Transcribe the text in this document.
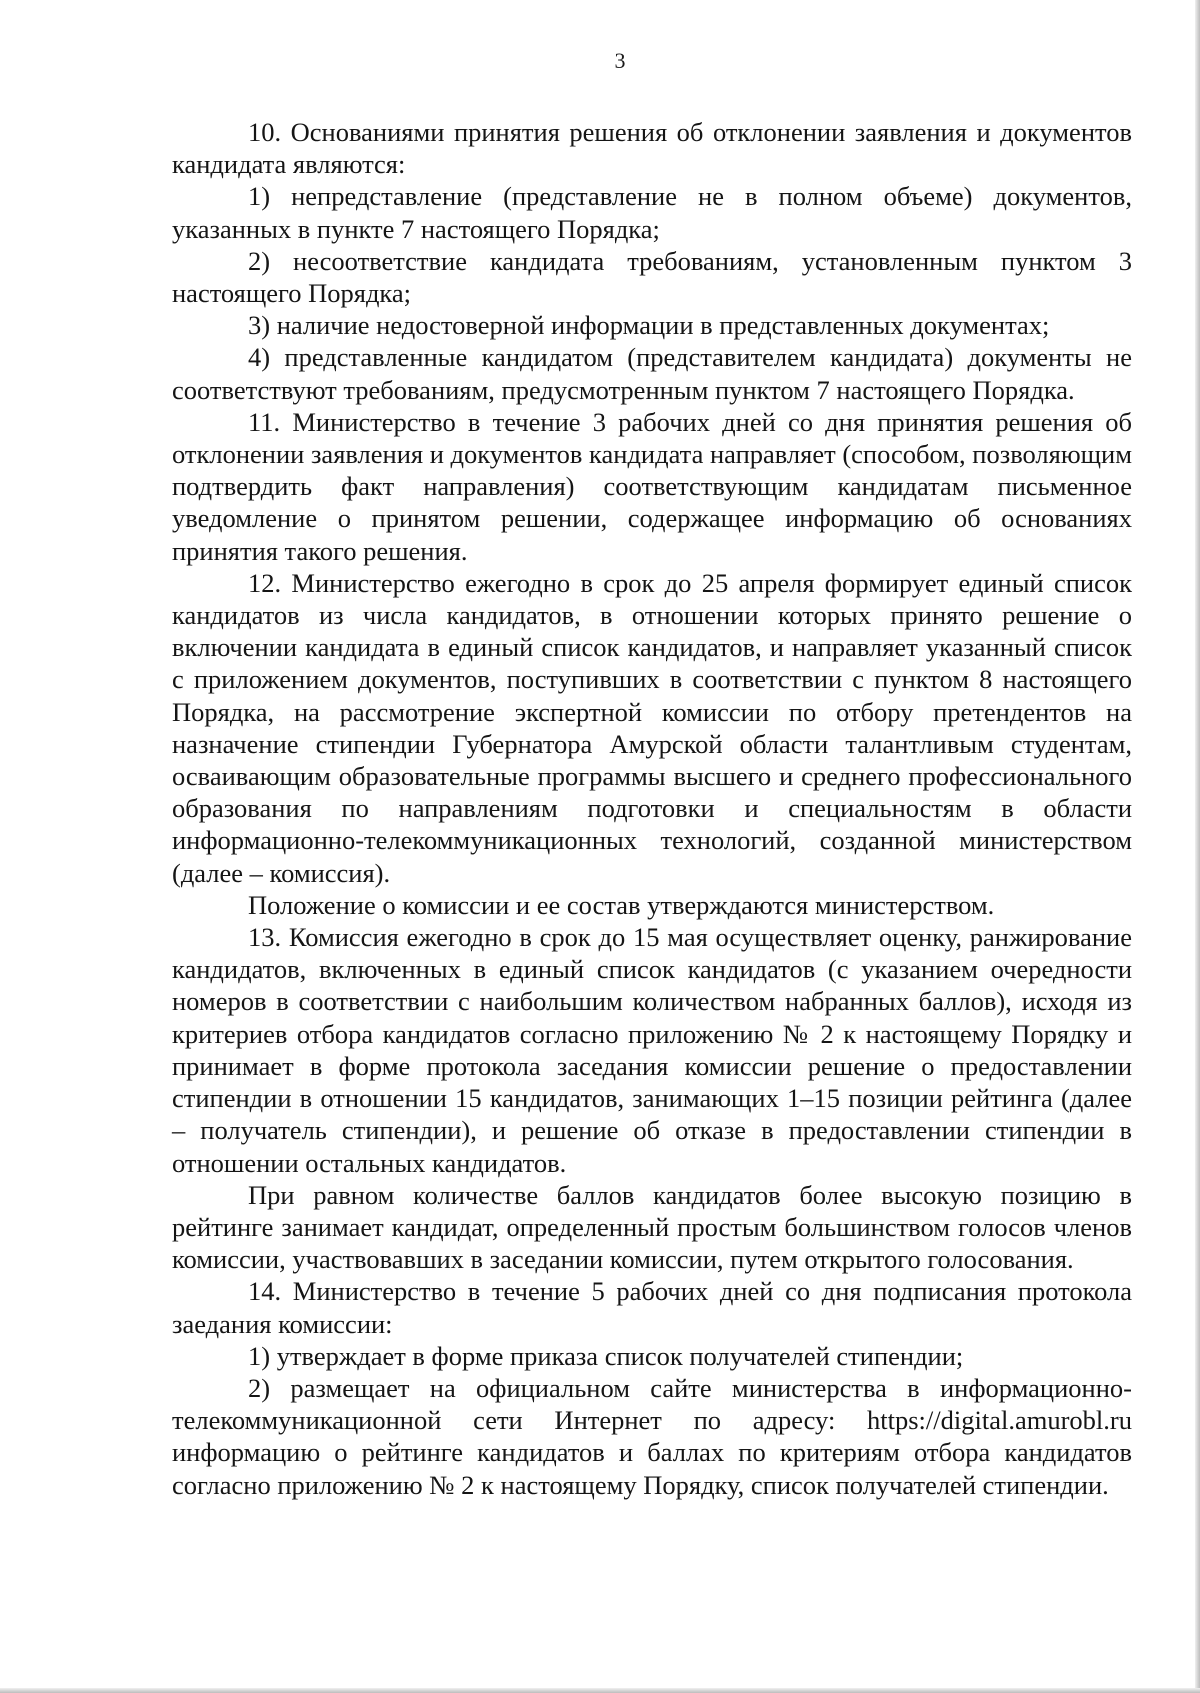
3

10. Основаниями принятия решения об отклонении заявления и документов кандидата являются:

1) непредставление (представление не в полном объеме) документов, указанных в пункте 7 настоящего Порядка;

2) несоответствие кандидата требованиям, установленным пунктом 3 настоящего Порядка;

3) наличие недостоверной информации в представленных документах;

4) представленные кандидатом (представителем кандидата) документы не соответствуют требованиям, предусмотренным пунктом 7 настоящего Порядка.

11. Министерство в течение 3 рабочих дней со дня принятия решения об отклонении заявления и документов кандидата направляет (способом, позволяющим подтвердить факт направления) соответствующим кандидатам письменное уведомление о принятом решении, содержащее информацию об основаниях принятия такого решения.

12. Министерство ежегодно в срок до 25 апреля формирует единый список кандидатов из числа кандидатов, в отношении которых принято решение о включении кандидата в единый список кандидатов, и направляет указанный список с приложением документов, поступивших в соответствии с пунктом 8 настоящего Порядка, на рассмотрение экспертной комиссии по отбору претендентов на назначение стипендии Губернатора Амурской области талантливым студентам, осваивающим образовательные программы высшего и среднего профессионального образования по направлениям подготовки и специальностям в области информационно-телекоммуникационных технологий, созданной министерством (далее – комиссия).

Положение о комиссии и ее состав утверждаются министерством.

13. Комиссия ежегодно в срок до 15 мая осуществляет оценку, ранжирование кандидатов, включенных в единый список кандидатов (с указанием очередности номеров в соответствии с наибольшим количеством набранных баллов), исходя из критериев отбора кандидатов согласно приложению № 2 к настоящему Порядку и принимает в форме протокола заседания комиссии решение о предоставлении стипендии в отношении 15 кандидатов, занимающих 1–15 позиции рейтинга (далее – получатель стипендии), и решение об отказе в предоставлении стипендии в отношении остальных кандидатов.

При равном количестве баллов кандидатов более высокую позицию в рейтинге занимает кандидат, определенный простым большинством голосов членов комиссии, участвовавших в заседании комиссии, путем открытого голосования.

14. Министерство в течение 5 рабочих дней со дня подписания протокола заедания комиссии:

1) утверждает в форме приказа список получателей стипендии;

2) размещает на официальном сайте министерства в информационно-телекоммуникационной сети Интернет по адресу: https://digital.amurobl.ru информацию о рейтинге кандидатов и баллах по критериям отбора кандидатов согласно приложению № 2 к настоящему Порядку, список получателей стипендии.
